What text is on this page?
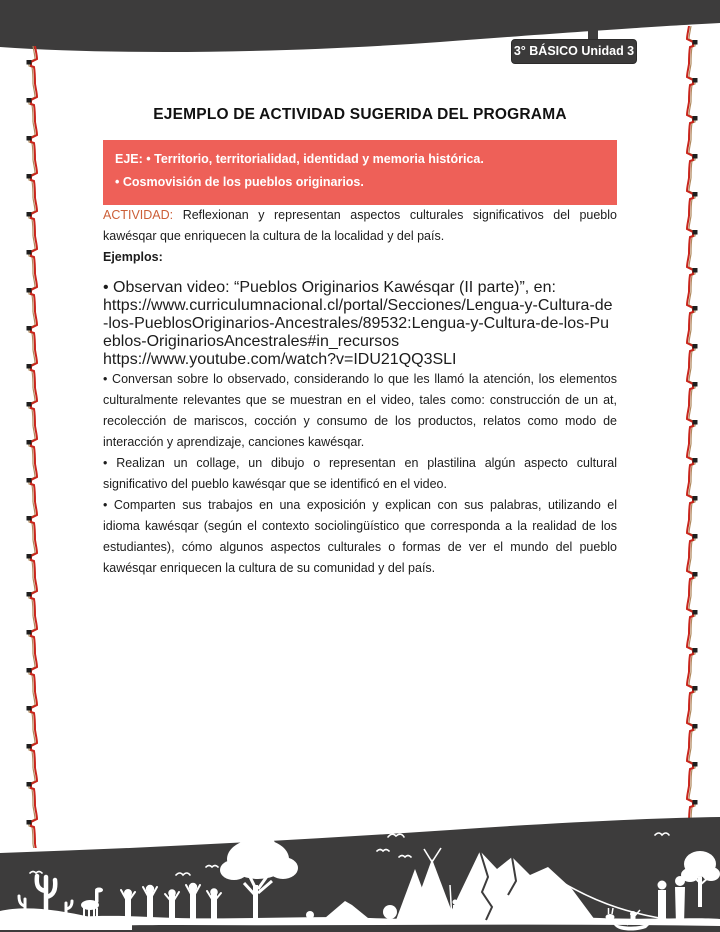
3° BÁSICO Unidad 3
EJEMPLO DE ACTIVIDAD SUGERIDA DEL PROGRAMA

EJE: • Territorio, territorialidad, identidad y memoria histórica.

• Cosmovisión de los pueblos originarios.

ACTIVIDAD: Reflexionan y representan aspectos culturales significativos del pueblo kawésqar que enriquecen la cultura de la localidad y del país.

Ejemplos:

• Observan video: “Pueblos Originarios Kawésqar (II parte)”, en:
https://www.curriculumnacional.cl/portal/Secciones/Lengua-y-Cultura-de-los-PueblosOriginarios-Ancestrales/89532:Lengua-y-Cultura-de-los-Pueblos-OriginariosAncestrales#in_recursos
https://www.youtube.com/watch?v=IDU21QQ3SLI

• Conversan sobre lo observado, considerando lo que les llamó la atención, los elementos culturalmente relevantes que se muestran en el video, tales como: construcción de un at, recolección de mariscos, cocción y consumo de los productos, relatos como modo de interacción y aprendizaje, canciones kawésqar.

• Realizan un collage, un dibujo o representan en plastilina algún aspecto cultural significativo del pueblo kawésqar que se identificó en el video.

• Comparten sus trabajos en una exposición y explican con sus palabras, utilizando el idioma kawésqar (según el contexto sociolingüístico que corresponda a la realidad de los estudiantes), cómo algunos aspectos culturales o formas de ver el mundo del pueblo kawésqar enriquecen la cultura de su comunidad y del país.
